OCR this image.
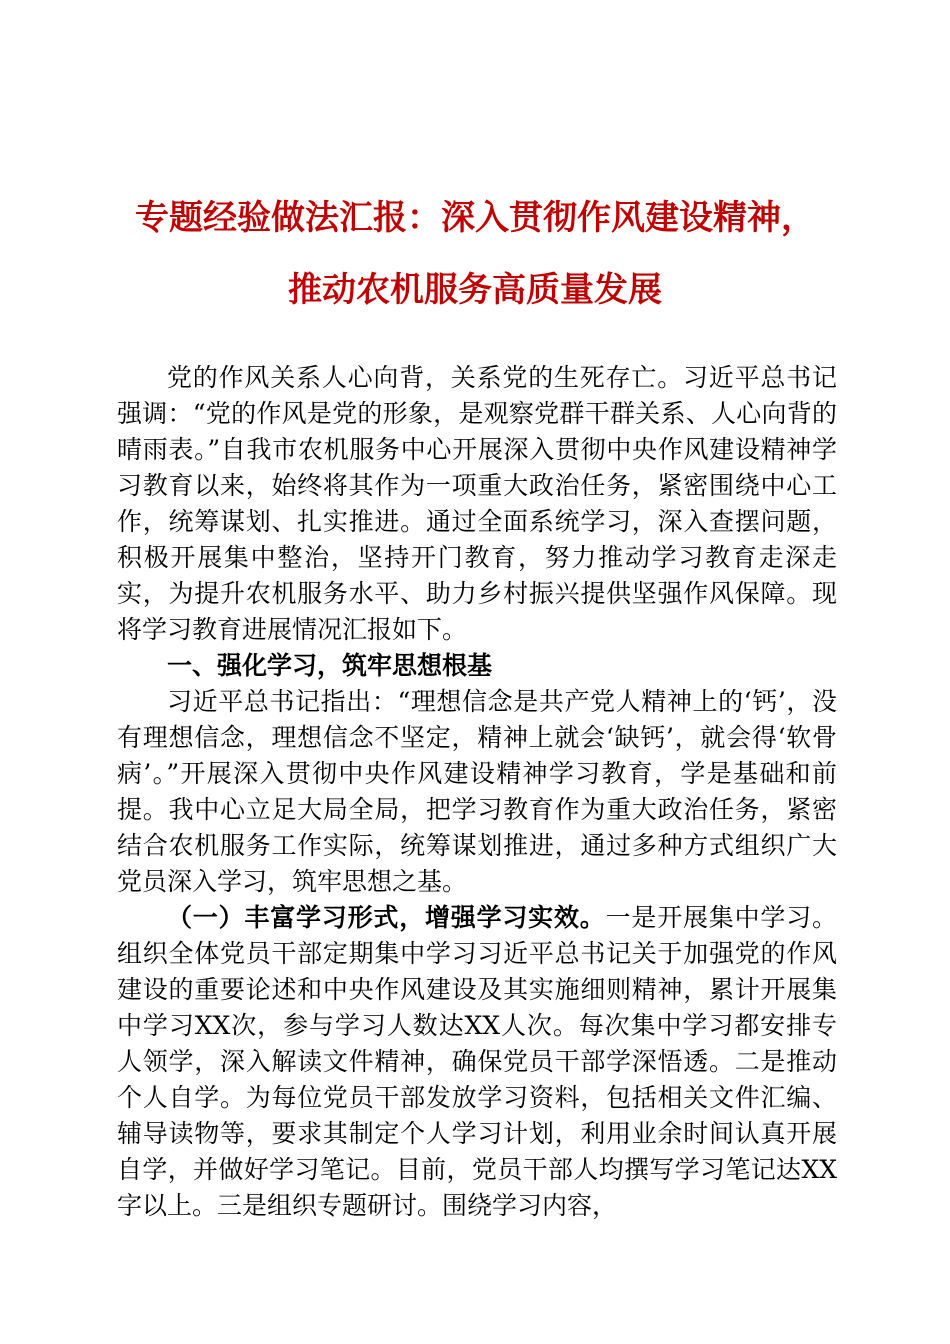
专题经验做法汇报：深入贯彻作风建设精神，
推动农机服务高质量发展

党的作风关系人心向背，关系党的生死存亡。习近平总书记强调：“党的作风是党的形象，是观察党群干群关系、人心向背的晴雨表。”自我市农机服务中心开展深入贯彻中央作风建设精神学习教育以来，始终将其作为一项重大政治任务，紧密围绕中心工作，统筹谋划、扎实推进。通过全面系统学习，深入查摆问题，积极开展集中整治，坚持开门教育，努力推动学习教育走深走实，为提升农机服务水平、助力乡村振兴提供坚强作风保障。现将学习教育进展情况汇报如下。

一、强化学习，筑牢思想根基

习近平总书记指出：“理想信念是共产党人精神上的‘钙’，没有理想信念，理想信念不坚定，精神上就会‘缺钙’，就会得‘软骨病’。”开展深入贯彻中央作风建设精神学习教育，学是基础和前提。我中心立足大局全局，把学习教育作为重大政治任务，紧密结合农机服务工作实际，统筹谋划推进，通过多种方式组织广大党员深入学习，筑牢思想之基。

（一）丰富学习形式，增强学习实效。一是开展集中学习。组织全体党员干部定期集中学习习近平总书记关于加强党的作风建设的重要论述和中央作风建设及其实施细则精神，累计开展集中学习XX次，参与学习人数达XX人次。每次集中学习都安排专人领学，深入解读文件精神，确保党员干部学深悟透。二是推动个人自学。为每位党员干部发放学习资料，包括相关文件汇编、辅导读物等，要求其制定个人学习计划，利用业余时间认真开展自学，并做好学习笔记。目前，党员干部人均撰写学习笔记达XX字以上。三是组织专题研讨。围绕学习内容，
